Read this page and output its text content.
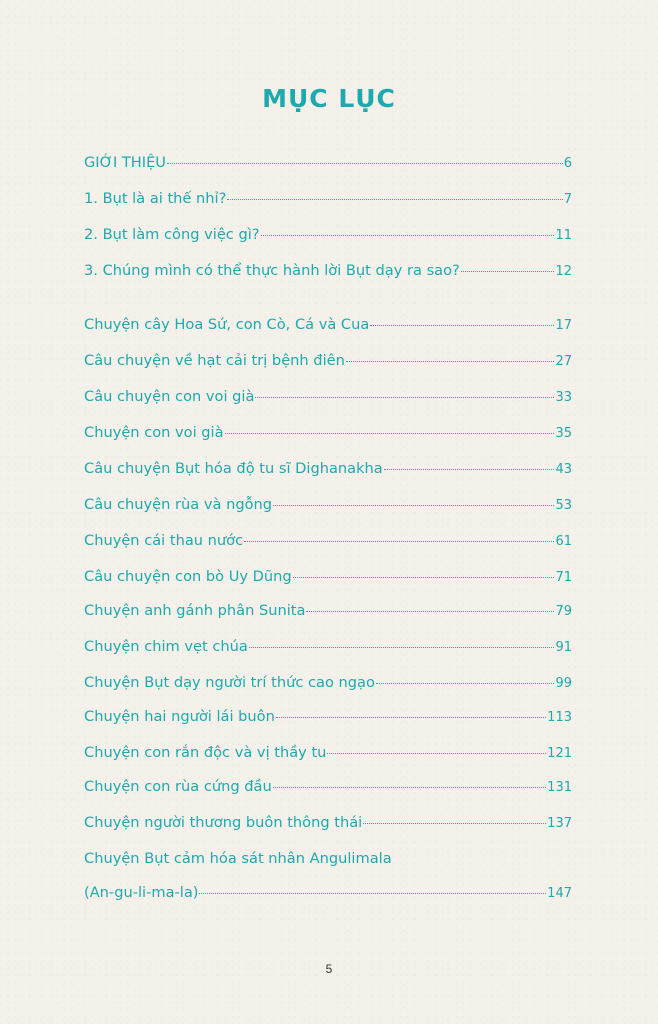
MỤC LỤC
GIỚI THIỆU	6
1. Bụt là ai thế nhỉ?	7
2. Bụt làm công việc gì?	11
3. Chúng mình có thể thực hành lời Bụt dạy ra sao?	12
Chuyện cây Hoa Sứ, con Cò, Cá và Cua	17
Câu chuyện về hạt cải trị bệnh điên	27
Câu chuyện con voi già	33
Chuyện con voi già	35
Câu chuyện Bụt hóa độ tu sĩ Dighanakha	43
Câu chuyện rùa và ngỗng	53
Chuyện cái thau nước	61
Câu chuyện con bò Uy Dũng	71
Chuyện anh gánh phân Sunita	79
Chuyện chim vẹt chúa	91
Chuyện Bụt dạy người trí thức cao ngạo	99
Chuyện hai người lái buôn	113
Chuyện con rắn độc và vị thầy tu	121
Chuyện con rùa cứng đầu	131
Chuyện người thương buôn thông thái	137
Chuyện Bụt cảm hóa sát nhân Angulimala
(An-gu-li-ma-la)	147
5
